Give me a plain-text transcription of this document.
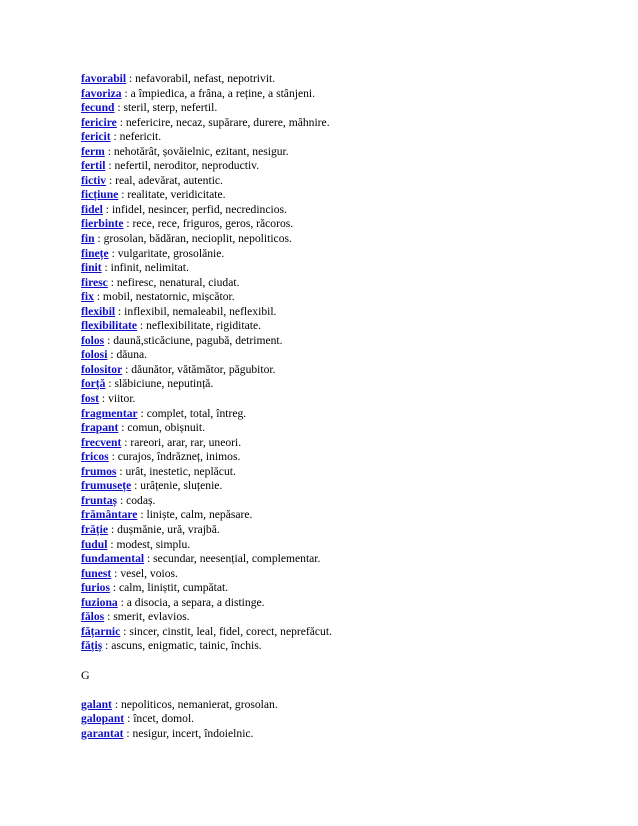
favorabil : nefavorabil, nefast, nepotrivit.
favoriza : a împiedica, a frâna, a reține, a stânjeni.
fecund : steril, sterp, nefertil.
fericire : nefericire, necaz, supărare, durere, mâhnire.
fericit : nefericit.
ferm : nehotărât, șovăielnic, ezitant, nesigur.
fertil : nefertil, neroditor, neproductiv.
fictiv : real, adevărat, autentic.
ficțiune : realitate, veridicitate.
fidel : infidel, nesincer, perfid, necredincios.
fierbinte : rece, rece, friguros, geros, răcoros.
fin : grosolan, bădăran, necioplit, nepoliticos.
finețe : vulgaritate, grosolănie.
finit : infinit, nelimitat.
firesc : nefiresc, nenatural, ciudat.
fix : mobil, nestatornic, mișcător.
flexibil : inflexibil, nemaleabil, neflexibil.
flexibilitate : neflexibilitate, rigiditate.
folos : daună,sticăciune, pagubă, detriment.
folosi : dăuna.
folositor : dăunător, vătămător, păgubitor.
forță : slăbiciune, neputință.
fost : viitor.
fragmentar : complet, total, întreg.
frapant : comun, obișnuit.
frecvent : rareori, arar, rar, uneori.
fricos : curajos, îndrăzneț, inimos.
frumos : urât, inestetic, neplăcut.
frumusețe : urâțenie, sluțenie.
fruntaș : codaș.
frământare : liniște, calm, nepăsare.
frăție : dușmănie, ură, vrajbă.
fudul : modest, simplu.
fundamental : secundar, neesențial, complementar.
funest : vesel, voios.
furios : calm, liniștit, cumpătat.
fuziona : a disocia, a separa, a distinge.
fălos : smerit, evlavios.
fățarnic : sincer, cinstit, leal, fidel, corect, neprefăcut.
fățiș : ascuns, enigmatic, tainic, închis.
G
galant : nepoliticos, nemanierat, grosolan.
galopant : încet, domol.
garantat : nesigur, incert, îndoielnic.
